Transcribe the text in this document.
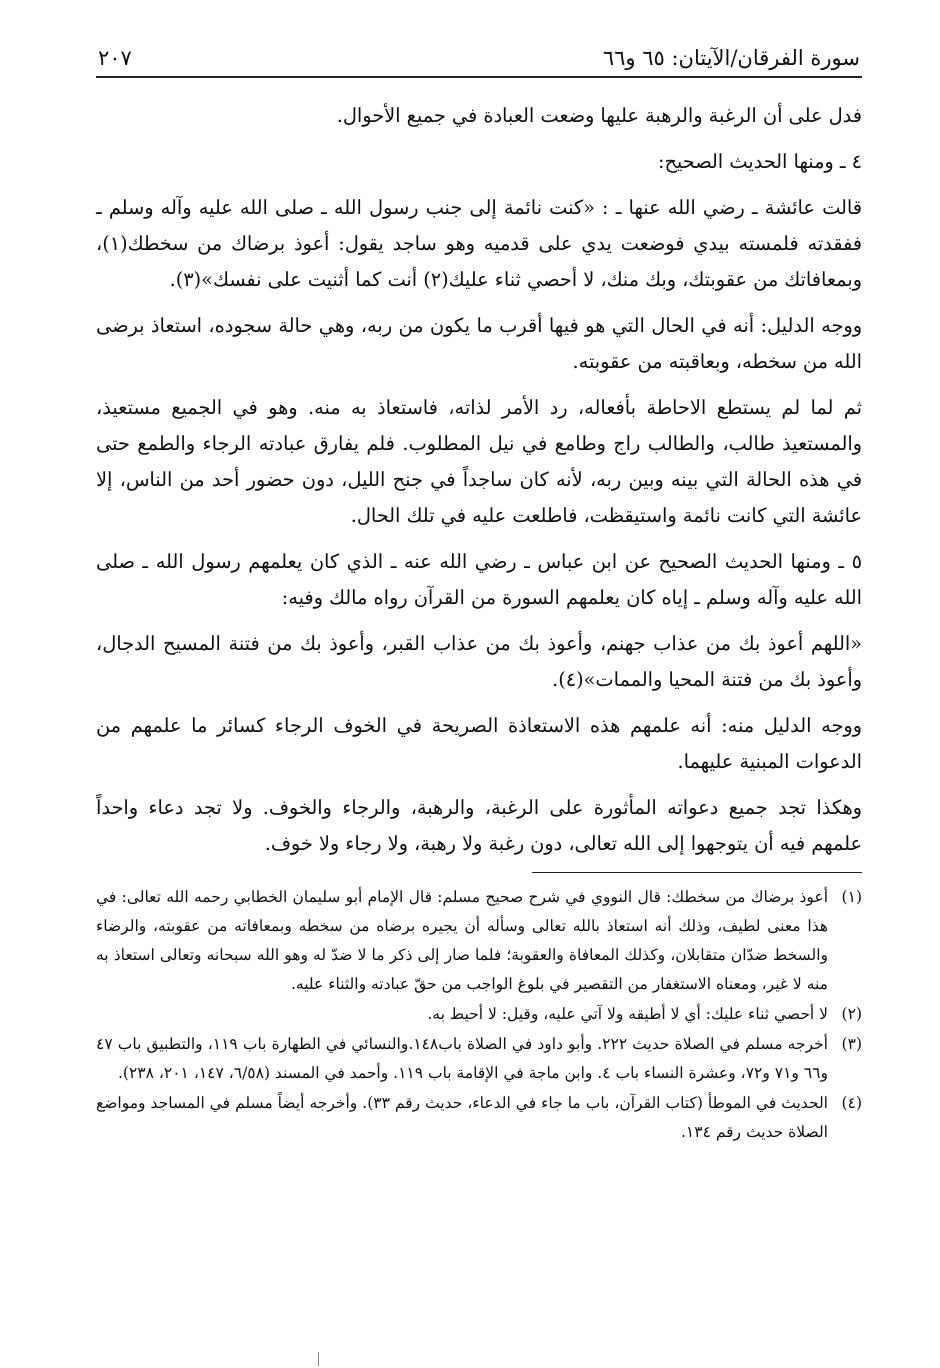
سورة الفرقان/الآيتان: ٦٥ و٦٦
٢٠٧

فدل على أن الرغبة والرهبة عليها وضعت العبادة في جميع الأحوال.

٤ ـ ومنها الحديث الصحيح:

قالت عائشة ـ رضي الله عنها ـ : «كنت نائمة إلى جنب رسول الله ـ صلى الله عليه وآله وسلم ـ ففقدته فلمسته بيدي فوضعت يدي على قدميه وهو ساجد يقول: أعوذ برضاك من سخطك(١)، وبمعافاتك من عقوبتك، وبك منك، لا أحصي ثناء عليك(٢) أنت كما أثنيت على نفسك»(٣).

ووجه الدليل: أنه في الحال التي هو فيها أقرب ما يكون من ربه، وهي حالة سجوده، استعاذ برضى الله من سخطه، وبعاقبته من عقوبته.

ثم لما لم يستطع الاحاطة بأفعاله، رد الأمر لذاته، فاستعاذ به منه. وهو في الجميع مستعيذ، والمستعيذ طالب، والطالب راج وطامع في نيل المطلوب. فلم يفارق عبادته الرجاء والطمع حتى في هذه الحالة التي بينه وبين ربه، لأنه كان ساجداً في جنح الليل، دون حضور أحد من الناس، إلا عائشة التي كانت نائمة واستيقظت، فاطلعت عليه في تلك الحال.

٥ ـ ومنها الحديث الصحيح عن ابن عباس ـ رضي الله عنه ـ الذي كان يعلمهم رسول الله ـ صلى الله عليه وآله وسلم ـ إياه كان يعلمهم السورة من القرآن رواه مالك وفيه:

«اللهم أعوذ بك من عذاب جهنم، وأعوذ بك من عذاب القبر، وأعوذ بك من فتنة المسيح الدجال، وأعوذ بك من فتنة المحيا والممات»(٤).

ووجه الدليل منه: أنه علمهم هذه الاستعاذة الصريحة في الخوف الرجاء كسائر ما علمهم من الدعوات المبنية عليهما.

وهكذا تجد جميع دعواته المأثورة على الرغبة، والرهبة، والرجاء والخوف. ولا تجد دعاء واحداً علمهم فيه أن يتوجهوا إلى الله تعالى، دون رغبة ولا رهبة، ولا رجاء ولا خوف.

(١)
أعوذ برضاك من سخطك: قال النووي في شرح صحيح مسلم: قال الإمام أبو سليمان الخطابي رحمه الله تعالى: في هذا معنى لطيف، وذلك أنه استعاذ بالله تعالى وسأله أن يجيره برضاه من سخطه وبمعافاته من عقوبته، والرضاء والسخط ضدّان متقابلان، وكذلك المعافاة والعقوبة؛ فلما صار إلى ذكر ما لا ضدّ له وهو الله سبحانه وتعالى استعاذ به منه لا غير، ومعناه الاستغفار من التقصير في بلوغ الواجب من حقّ عبادته والثناء عليه.
(٢)
لا أحصي ثناء عليك: أي لا أطيقه ولا آتي عليه، وقيل: لا أحيط به.
(٣)
أخرجه مسلم في الصلاة حديث ٢٢٢. وأبو داود في الصلاة باب١٤٨.والنسائي في الطهارة باب ١١٩، والتطبيق باب ٤٧ و٦٦ و٧١ و٧٢، وعشرة النساء باب ٤. وابن ماجة في الإقامة باب ١١٩. وأحمد في المسند (٦/٥٨، ١٤٧، ٢٠١، ٢٣٨).
(٤)
الحديث في الموطأ (كتاب القرآن، باب ما جاء في الدعاء، حديث رقم ٣٣). وأخرجه أيضاً مسلم في المساجد ومواضع الصلاة حديث رقم ١٣٤.
